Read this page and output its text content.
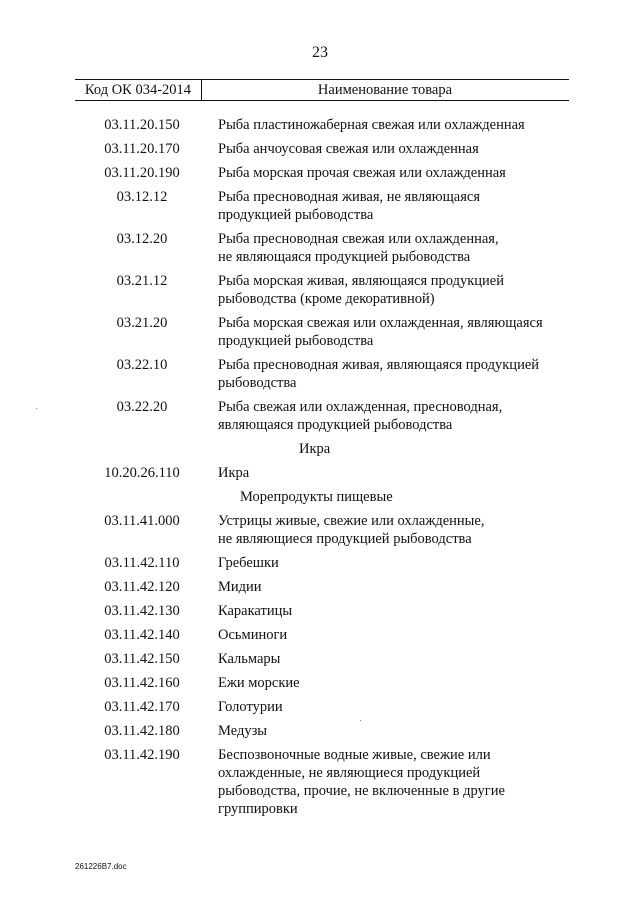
23
Код ОК 034-2014	Наименование товара
03.11.20.150	Рыба пластиножаберная свежая или охлажденная
03.11.20.170	Рыба анчоусовая свежая или охлажденная
03.11.20.190	Рыба морская прочая свежая или охлажденная
03.12.12	Рыба пресноводная живая, не являющаяся
продукцией рыбоводства
03.12.20	Рыба пресноводная свежая или охлажденная,
не являющаяся продукцией рыбоводства
03.21.12	Рыба морская живая, являющаяся продукцией
рыбоводства (кроме декоративной)
03.21.20	Рыба морская свежая или охлажденная, являющаяся
продукцией рыбоводства
03.22.10	Рыба пресноводная живая, являющаяся продукцией
рыбоводства
03.22.20	Рыба свежая или охлажденная, пресноводная,
являющаяся продукцией рыбоводства
Икра
10.20.26.110	Икра
Морепродукты пищевые
03.11.41.000	Устрицы живые, свежие или охлажденные,
не являющиеся продукцией рыбоводства
03.11.42.110	Гребешки
03.11.42.120	Мидии
03.11.42.130	Каракатицы
03.11.42.140	Осьминоги
03.11.42.150	Кальмары
03.11.42.160	Ежи морские
03.11.42.170	Голотурии
03.11.42.180	Медузы
03.11.42.190	Беспозвоночные водные живые, свежие или
охлажденные, не являющиеся продукцией
рыбоводства, прочие, не включенные в другие
группировки
261226B7.doc
